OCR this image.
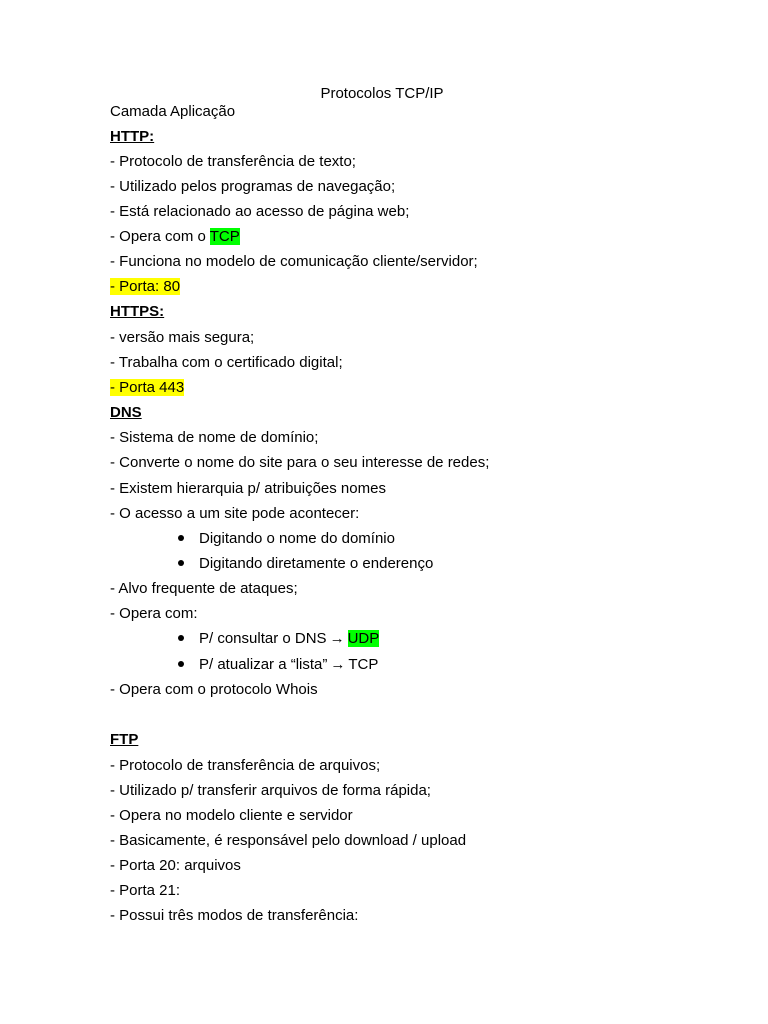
Protocolos TCP/IP
Camada Aplicação
HTTP:
- Protocolo de transferência de texto;
- Utilizado pelos programas de navegação;
- Está relacionado ao acesso de página web;
- Opera com o TCP
- Funciona no modelo de comunicação cliente/servidor;
- Porta: 80
HTTPS:
- versão mais segura;
- Trabalha com o certificado digital;
- Porta 443
DNS
- Sistema de nome de domínio;
- Converte o nome do site para o seu interesse de redes;
- Existem hierarquia p/ atribuições nomes
- O acesso a um site pode acontecer:
Digitando o nome do domínio
Digitando diretamente o enderenço
- Alvo frequente de ataques;
- Opera com:
P/ consultar o DNS → UDP
P/ atualizar a “lista” → TCP
- Opera com o protocolo Whois
FTP
- Protocolo de transferência de arquivos;
- Utilizado p/ transferir arquivos de forma rápida;
- Opera no modelo cliente e servidor
- Basicamente, é responsável pelo download / upload
- Porta 20: arquivos
- Porta 21:
- Possui três modos de transferência:
